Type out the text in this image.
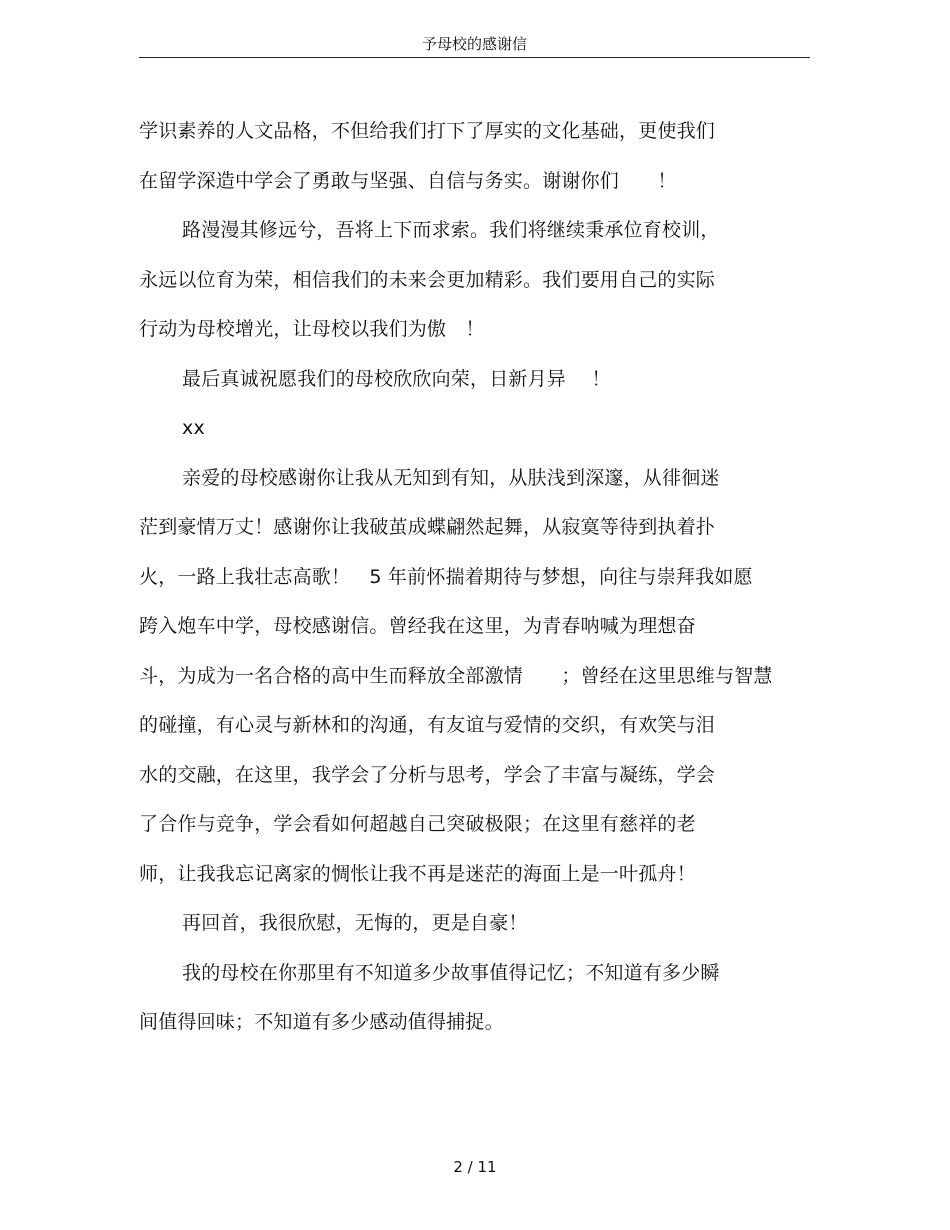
予母校的感谢信
学识素养的人文品格，不但给我们打下了厚实的文化基础，更使我们
在留学深造中学会了勇敢与坚强、自信与务实。谢谢你们　　！
路漫漫其修远兮，吾将上下而求索。我们将继续秉承位育校训，
永远以位育为荣，相信我们的未来会更加精彩。我们要用自己的实际
行动为母校增光，让母校以我们为傲　！
最后真诚祝愿我们的母校欣欣向荣，日新月异　 ！
xx
亲爱的母校感谢你让我从无知到有知，从肤浅到深邃，从徘徊迷
茫到豪情万丈！感谢你让我破茧成蝶翩然起舞，从寂寞等待到执着扑
火，一路上我壮志高歌！　5 年前怀揣着期待与梦想，向往与崇拜我如愿
跨入炮车中学，母校感谢信。曾经我在这里，为青春呐喊为理想奋
斗，为成为一名合格的高中生而释放全部激情　　；曾经在这里思维与智慧
的碰撞，有心灵与新林和的沟通，有友谊与爱情的交织，有欢笑与泪
水的交融，在这里，我学会了分析与思考，学会了丰富与凝练，学会
了合作与竞争，学会看如何超越自己突破极限；在这里有慈祥的老
师，让我我忘记离家的惆怅让我不再是迷茫的海面上是一叶孤舟！
再回首，我很欣慰，无悔的，更是自豪！
我的母校在你那里有不知道多少故事值得记忆；不知道有多少瞬
间值得回味；不知道有多少感动值得捕捉。
2 / 11
